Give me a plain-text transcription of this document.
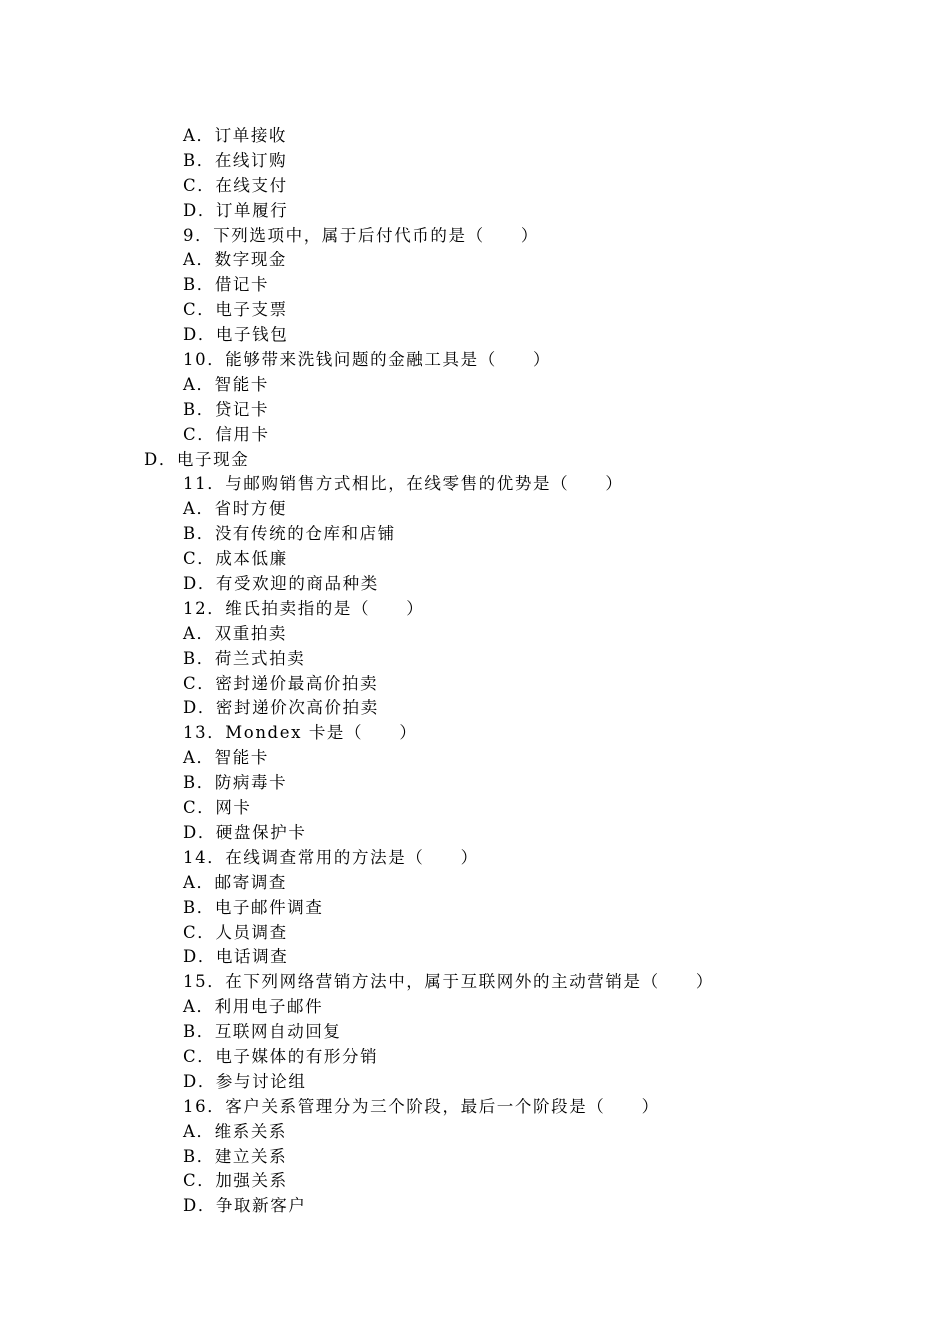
A．订单接收
B．在线订购
C．在线支付
D．订单履行
9．下列选项中，属于后付代币的是（　　）
A．数字现金
B．借记卡
C．电子支票
D．电子钱包
10．能够带来洗钱问题的金融工具是（　　）
A．智能卡
B．贷记卡
C．信用卡
D．电子现金
11．与邮购销售方式相比，在线零售的优势是（　　）
A．省时方便
B．没有传统的仓库和店铺
C．成本低廉
D．有受欢迎的商品种类
12．维氏拍卖指的是（　　）
A．双重拍卖
B．荷兰式拍卖
C．密封递价最高价拍卖
D．密封递价次高价拍卖
13．Mondex 卡是（　　）
A．智能卡
B．防病毒卡
C．网卡
D．硬盘保护卡
14．在线调查常用的方法是（　　）
A．邮寄调查
B．电子邮件调查
C．人员调查
D．电话调查
15．在下列网络营销方法中，属于互联网外的主动营销是（　　）
A．利用电子邮件
B．互联网自动回复
C．电子媒体的有形分销
D．参与讨论组
16．客户关系管理分为三个阶段，最后一个阶段是（　　）
A．维系关系
B．建立关系
C．加强关系
D．争取新客户
